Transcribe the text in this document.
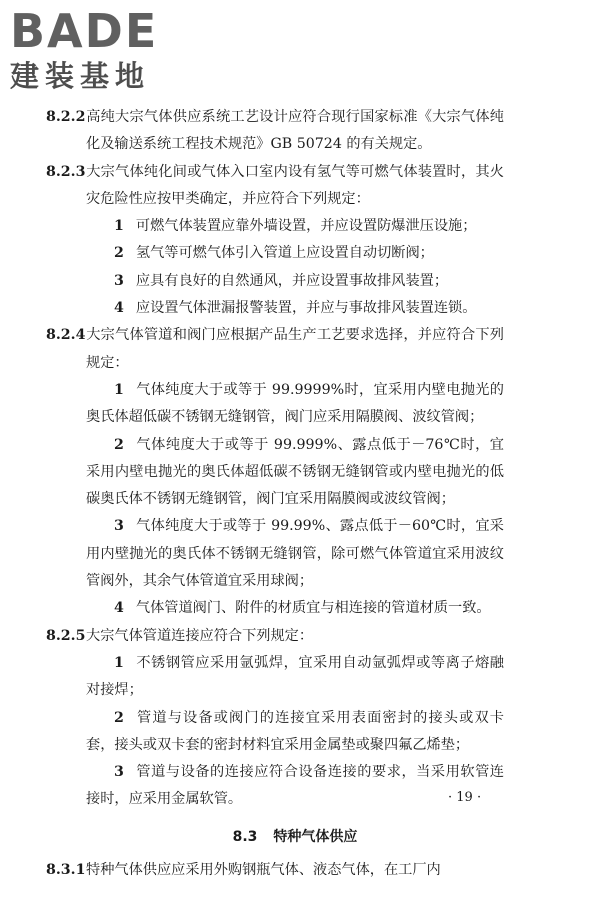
BADE
建装基地

8.2.2高纯大宗气体供应系统工艺设计应符合现行国家标准《大宗气体纯化及输送系统工程技术规范》GB 50724 的有关规定。

8.2.3大宗气体纯化间或气体入口室内设有氢气等可燃气体装置时，其火灾危险性应按甲类确定，并应符合下列规定：

1 可燃气体装置应靠外墙设置，并应设置防爆泄压设施；

2 氢气等可燃气体引入管道上应设置自动切断阀；

3 应具有良好的自然通风，并应设置事故排风装置；

4 应设置气体泄漏报警装置，并应与事故排风装置连锁。

8.2.4大宗气体管道和阀门应根据产品生产工艺要求选择，并应符合下列规定：

1 气体纯度大于或等于 99.9999%时，宜采用内壁电抛光的奥氏体超低碳不锈钢无缝钢管，阀门应采用隔膜阀、波纹管阀；

2 气体纯度大于或等于 99.999%、露点低于－76℃时，宜采用内壁电抛光的奥氏体超低碳不锈钢无缝钢管或内壁电抛光的低碳奥氏体不锈钢无缝钢管，阀门宜采用隔膜阀或波纹管阀；

3 气体纯度大于或等于 99.99%、露点低于－60℃时，宜采用内壁抛光的奥氏体不锈钢无缝钢管，除可燃气体管道宜采用波纹管阀外，其余气体管道宜采用球阀；

4 气体管道阀门、附件的材质宜与相连接的管道材质一致。

8.2.5大宗气体管道连接应符合下列规定：

1 不锈钢管应采用氩弧焊，宜采用自动氩弧焊或等离子熔融对接焊；

2 管道与设备或阀门的连接宜采用表面密封的接头或双卡套，接头或双卡套的密封材料宜采用金属垫或聚四氟乙烯垫；

3 管道与设备的连接应符合设备连接的要求，当采用软管连接时，应采用金属软管。

8.3 特种气体供应

8.3.1特种气体供应应采用外购钢瓶气体、液态气体，在工厂内

· 19 ·
